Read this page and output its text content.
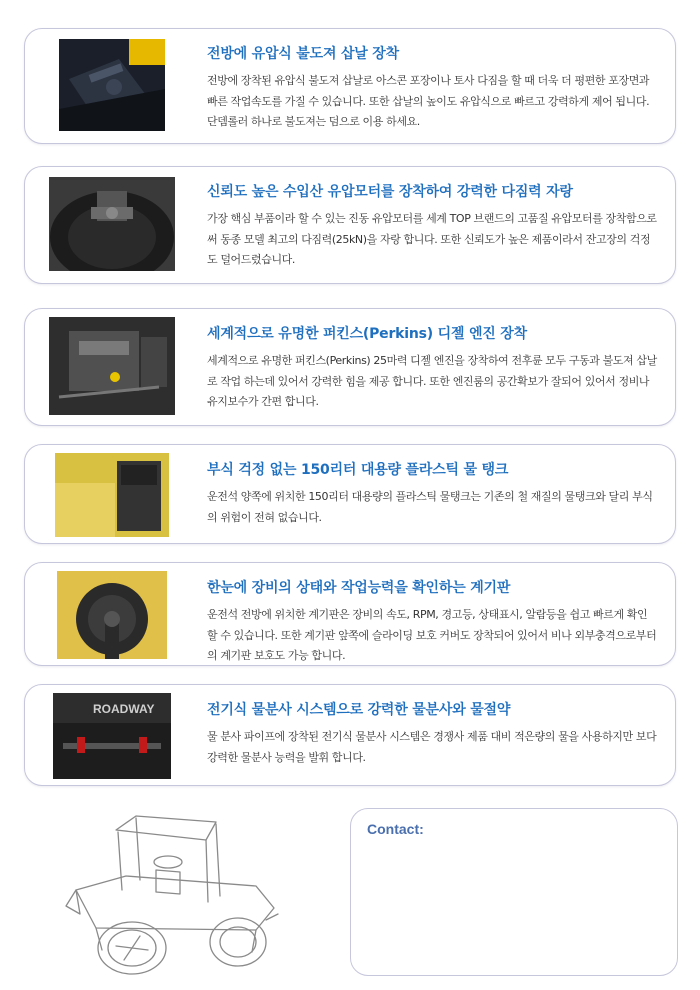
전방에 유압식 불도져 삽날 장착
전방에 장착된 유압식 불도져 삽날로 아스콘 포장이나 토사 다짐을 할 때 더욱 더 평편한 포장면과 빠른 작업속도를 가질 수 있습니다. 또한 삽날의 높이도 유압식으로 빠르고 강력하게 제어 됩니다. 단뎀롤러 하나로 불도져는 덤으로 이용 하세요.
신뢰도 높은 수입산 유압모터를 장착하여 강력한 다짐력 자랑
가장 핵심 부품이라 할 수 있는 진동 유압모터를 세계 TOP 브랜드의 고품질 유압모터를 장착함으로써 동종 모델 최고의 다짐력(25kN)을 자랑 합니다. 또한 신뢰도가 높은 제품이라서 잔고장의 걱정도 덜어드렸습니다.
세계적으로 유명한 퍼킨스(Perkins) 디젤 엔진 장착
세계적으로 유명한 퍼킨스(Perkins) 25마력 디젤 엔진을 장착하여 전후륜 모두 구동과 불도져 삽날로 작업 하는데 있어서 강력한 힘을 제공 합니다. 또한 엔진룸의 공간확보가 잘되어 있어서 정비나 유지보수가 간편 합니다.
부식 걱정 없는 150리터 대용량 플라스틱 물 탱크
운전석 양쪽에 위치한 150리터 대용량의 플라스틱 물탱크는 기존의 철 재질의 물탱크와 달리 부식의 위험이 전혀 없습니다.
한눈에 장비의 상태와 작업능력을 확인하는 계기판
운전석 전방에 위치한 계기판은 장비의 속도, RPM, 경고등, 상태표시, 알람등을 쉽고 빠르게 확인할 수 있습니다. 또한 계기판 앞쪽에 슬라이딩 보호 커버도 장착되어 있어서 비나 외부충격으로부터의 계기판 보호도 가능 합니다.
ROADWAY	전기식 물분사 시스템으로 강력한 물분사와 물절약
물 분사 파이프에 장착된 전기식 물분사 시스템은 경쟁사 제품 대비 적은량의 물을 사용하지만 보다 강력한 물분사 능력을 발휘 합니다.
Contact:
